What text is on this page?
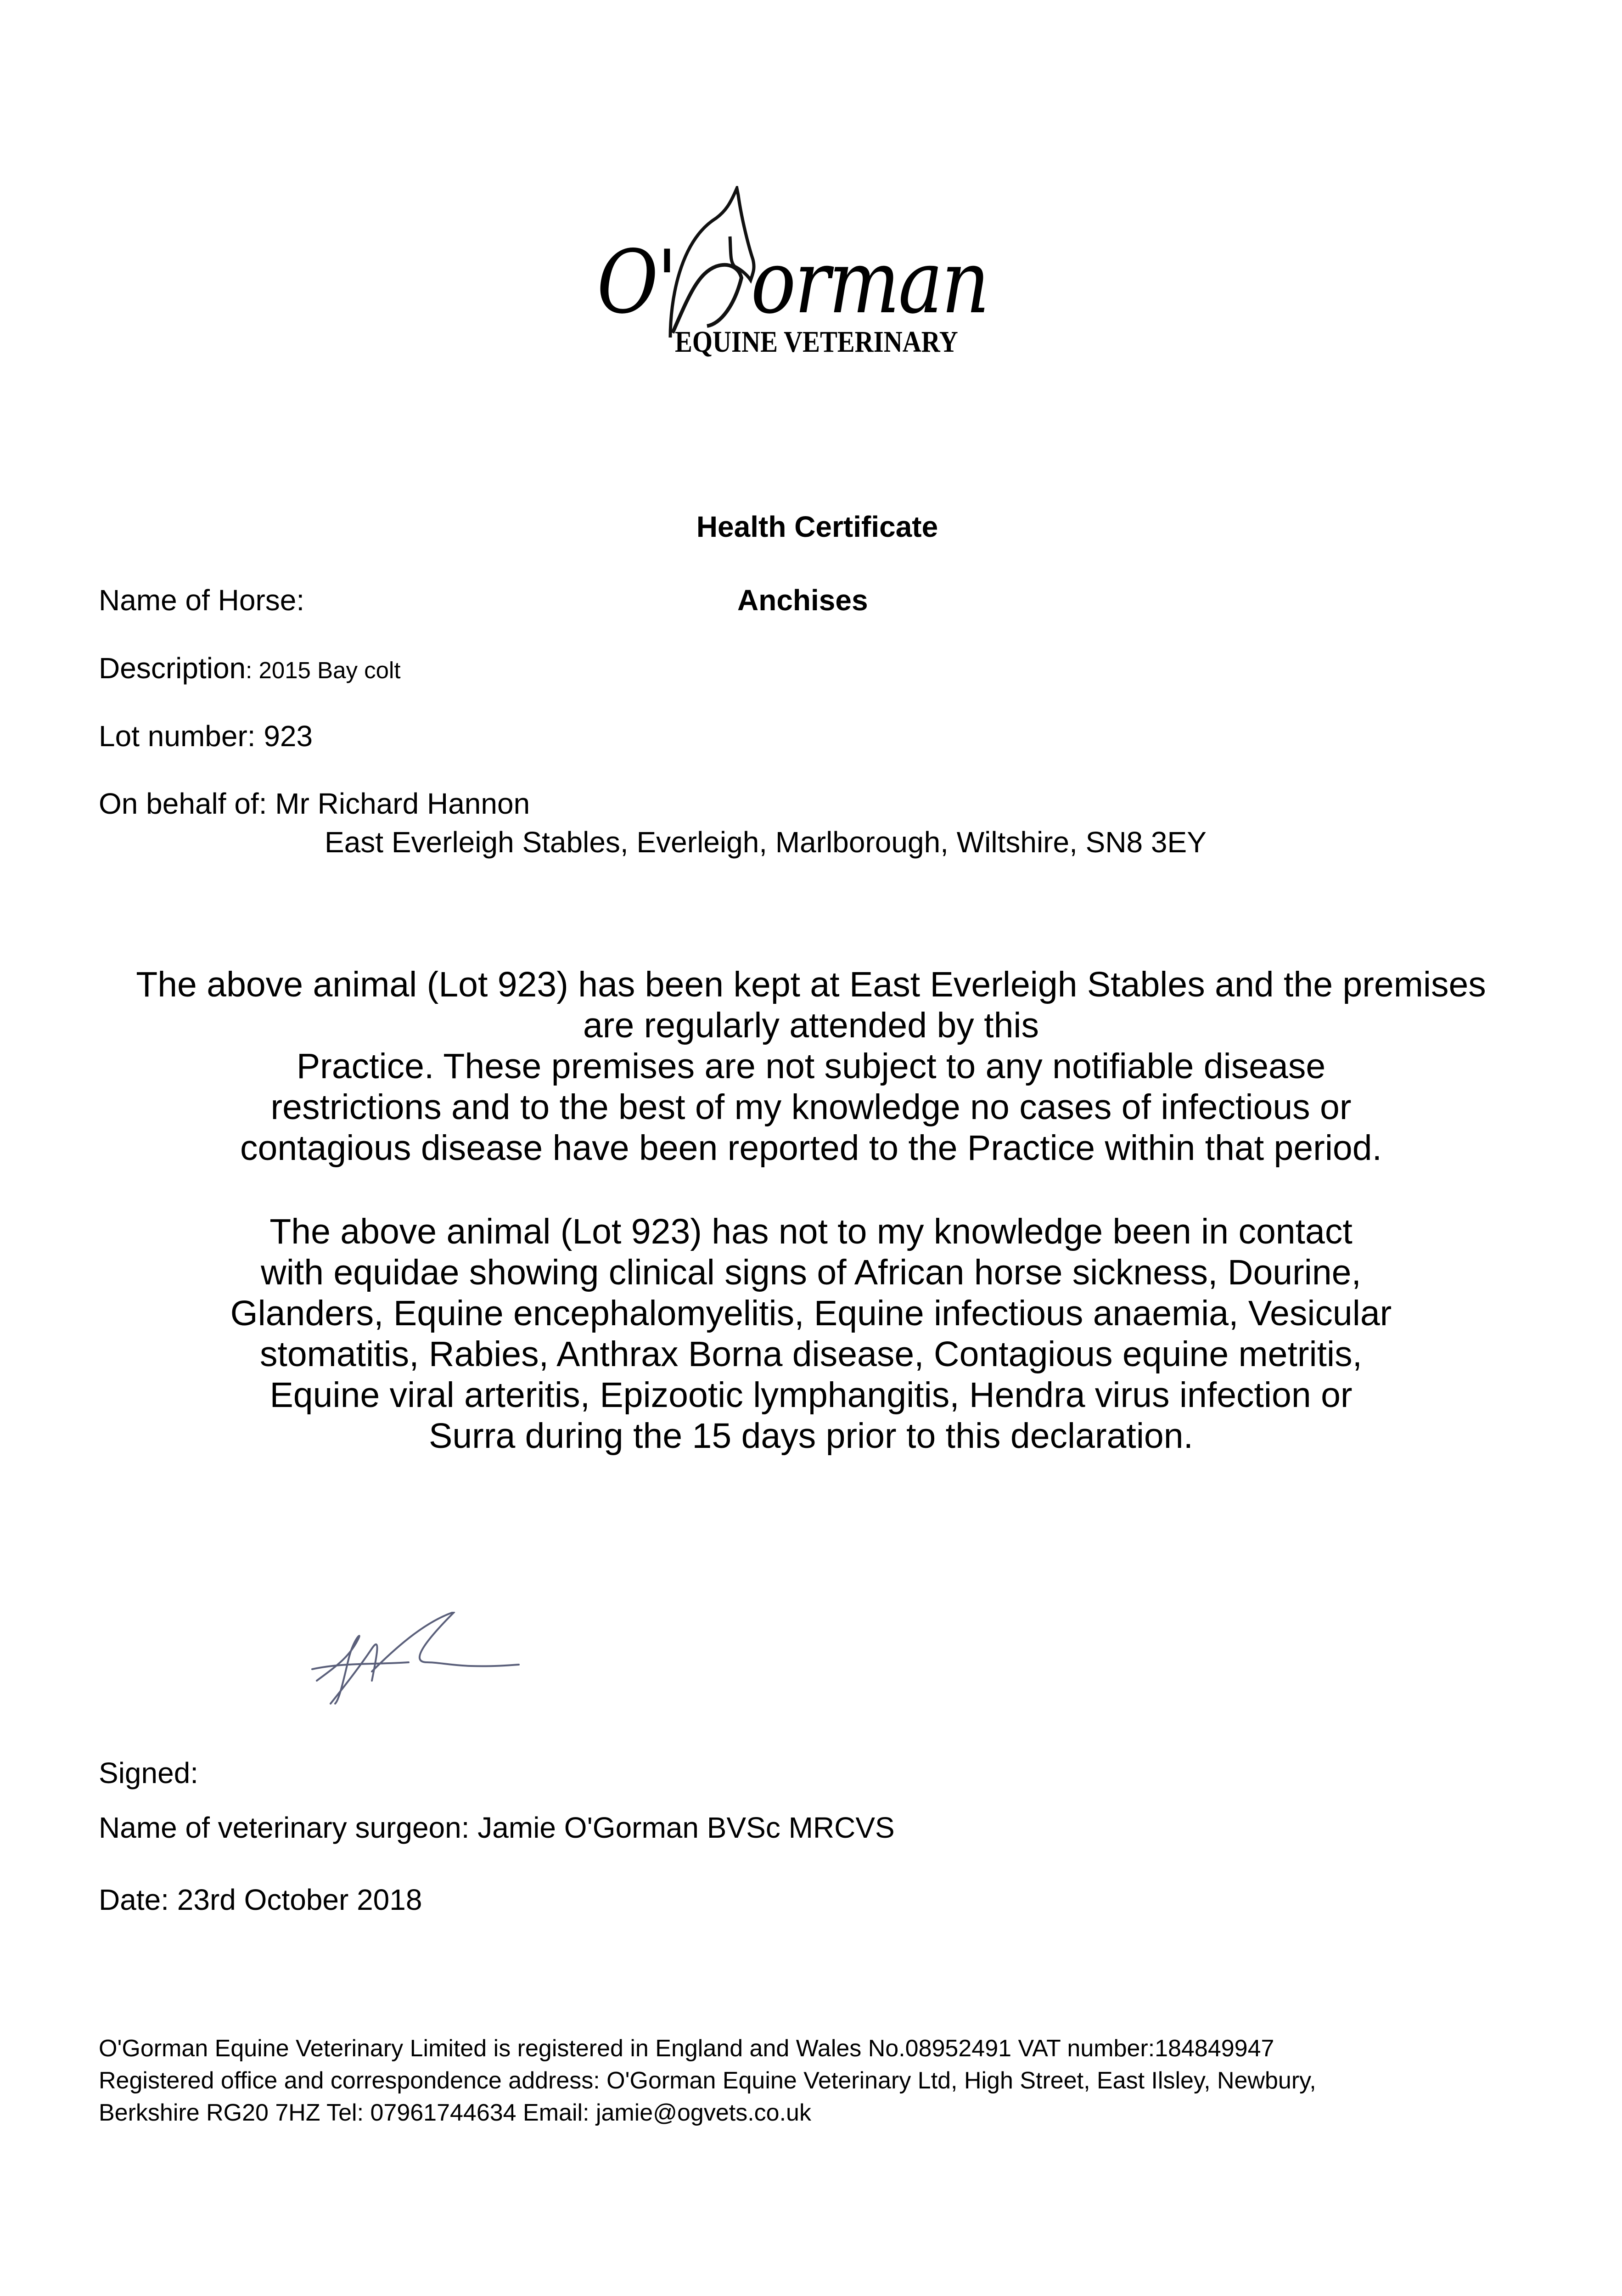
O' orman
EQUINE VETERINARY
Health Certificate
Name of Horse:	Anchises
Description: 2015 Bay colt
Lot number: 923
On behalf of: Mr Richard Hannon
East Everleigh Stables, Everleigh, Marlborough, Wiltshire, SN8 3EY
The above animal (Lot 923) has been kept at East Everleigh Stables and the premises
are regularly attended by this
Practice. These premises are not subject to any notifiable disease
restrictions and to the best of my knowledge no cases of infectious or
contagious disease have been reported to the Practice within that period.
The above animal (Lot 923) has not to my knowledge been in contact
with equidae showing clinical signs of African horse sickness, Dourine,
Glanders, Equine encephalomyelitis, Equine infectious anaemia, Vesicular
stomatitis, Rabies, Anthrax Borna disease, Contagious equine metritis,
Equine viral arteritis, Epizootic lymphangitis, Hendra virus infection or
Surra during the 15 days prior to this declaration.
Signed:
Name of veterinary surgeon: Jamie O'Gorman BVSc MRCVS
Date: 23rd October 2018
O'Gorman Equine Veterinary Limited is registered in England and Wales No.08952491 VAT number:184849947
Registered office and correspondence address: O'Gorman Equine Veterinary Ltd, High Street, East Ilsley, Newbury,
Berkshire RG20 7HZ Tel: 07961744634 Email: jamie@ogvets.co.uk
